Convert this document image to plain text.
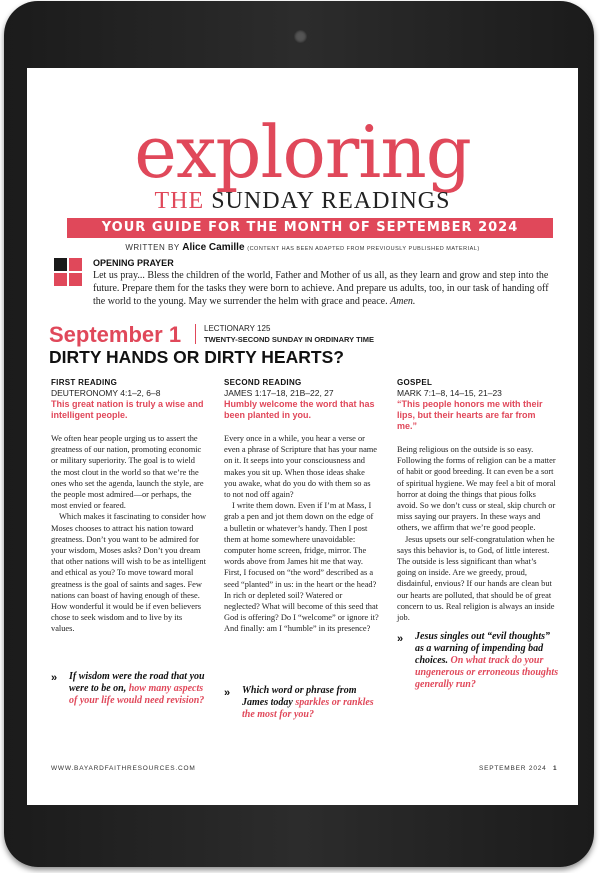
exploring
THE SUNDAY READINGS
YOUR GUIDE FOR THE MONTH OF SEPTEMBER 2024
WRITTEN BY Alice Camille (CONTENT HAS BEEN ADAPTED FROM PREVIOUSLY PUBLISHED MATERIAL)
OPENING PRAYER
Let us pray... Bless the children of the world, Father and Mother of us all, as they learn and grow and step into the future. Prepare them for the tasks they were born to achieve. And prepare us adults, too, in our task of handing off the world to the young. May we surrender the helm with grace and peace. Amen.
September 1	LECTIONARY 125
TWENTY-SECOND SUNDAY IN ORDINARY TIME
DIRTY HANDS OR DIRTY HEARTS?
FIRST READING
DEUTERONOMY 4:1–2, 6–8
This great nation is truly a wise and intelligent people.

We often hear people urging us to assert the greatness of our nation, promoting economic or military superiority. The goal is to wield the most clout in the world so that we’re the ones who set the agenda, launch the style, are the people most admired—or perhaps, the most envied or feared.

Which makes it fascinating to consider how Moses chooses to attract his nation toward greatness. Don’t you want to be admired for your wisdom, Moses asks? Don’t you dream that other nations will wish to be as intelligent and ethical as you? To move toward moral greatness is the goal of saints and sages. Few nations can boast of having enough of these. How wonderful it would be if even believers chose to seek wisdom and to live by its values.

SECOND READING
JAMES 1:17–18, 21B–22, 27
Humbly welcome the word that has been planted in you.

Every once in a while, you hear a verse or even a phrase of Scripture that has your name on it. It seeps into your consciousness and makes you sit up. When those ideas shake you awake, what do you do with them so as to not nod off again?

I write them down. Even if I’m at Mass, I grab a pen and jot them down on the edge of a bulletin or whatever’s handy. Then I post them at home somewhere unavoidable: computer home screen, fridge, mirror. The words above from James hit me that way. First, I focused on “the word” described as a seed “planted” in us: in the heart or the head? In rich or depleted soil? Watered or neglected? What will become of this seed that God is offering? Do I “welcome” or ignore it? And finally: am I “humble” in its presence?

GOSPEL
MARK 7:1–8, 14–15, 21–23
“This people honors me with their lips, but their hearts are far from me.”

Being religious on the outside is so easy. Following the forms of religion can be a matter of habit or good breeding. It can even be a sort of spiritual hygiene. We may feel a bit of moral horror at doing the things that pious folks avoid. So we don’t cuss or steal, skip church or miss saying our prayers. In these ways and others, we affirm that we’re good people.

Jesus upsets our self-congratulation when he says this behavior is, to God, of little interest. The outside is less significant than what’s going on inside. Are we greedy, proud, disdainful, envious? If our hands are clean but our hearts are polluted, that should be of great concern to us. Real religion is always an inside job.

» If wisdom were the road that you were to be on, how many aspects of your life would need revision?
» Which word or phrase from James today sparkles or rankles the most for you?
» Jesus singles out “evil thoughts” as a warning of impending bad choices. On what track do your ungenerous or erroneous thoughts generally run?
WWW.BAYARDFAITHRESOURCES.COM	SEPTEMBER 2024 1
